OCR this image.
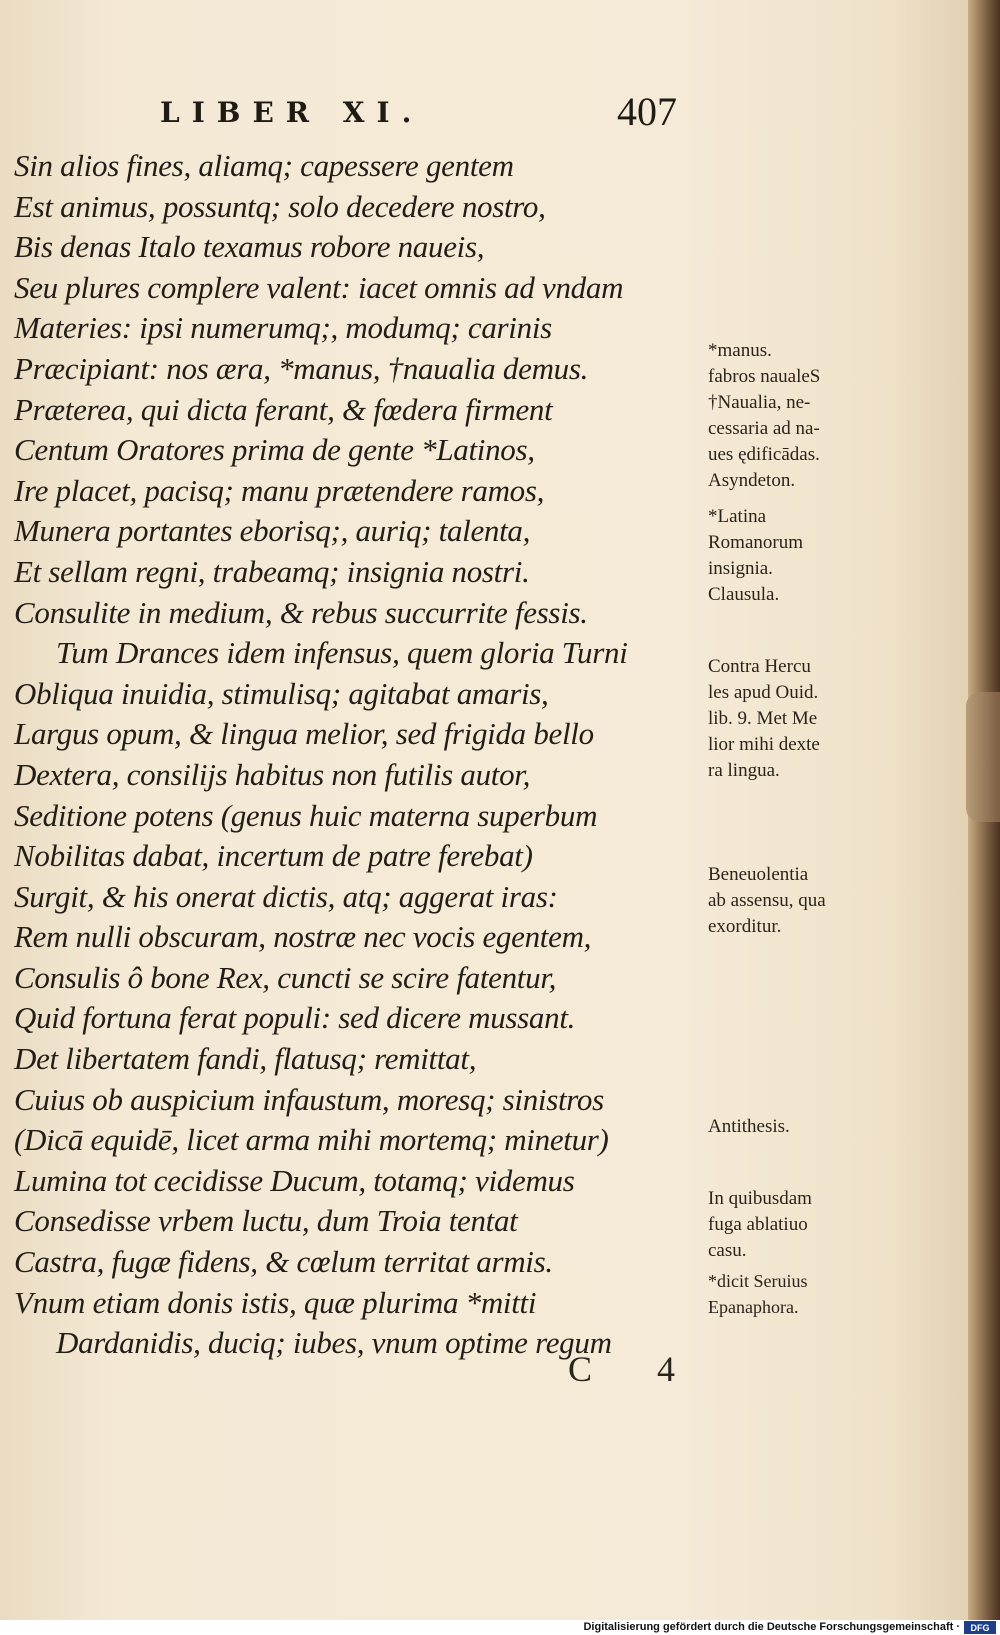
LIBER XI.	407
Sin alios fines, aliamq; capessere gentem
Est animus, possuntq; solo decedere nostro,
Bis denas Italo texamus robore naueis,
Seu plures complere valent: iacet omnis ad vndam
Materies: ipsi numerumq;, modumq; carinis
Præcipiant: nos æra, *manus, †naualia demus.
Præterea, qui dicta ferant, & fœdera firment
Centum Oratores prima de gente *Latinos,
Ire placet, pacisq; manu prætendere ramos,
Munera portantes eborisq;, auriq; talenta,
Et sellam regni, trabeamq; insignia nostri.
Consulite in medium, & rebus succurrite fessis.
Tum Drances idem infensus, quem gloria Turni
Obliqua inuidia, stimulisq; agitabat amaris,
Largus opum, & lingua melior, sed frigida bello
Dextera, consilijs habitus non futilis autor,
Seditione potens (genus huic materna superbum
Nobilitas dabat, incertum de patre ferebat)
Surgit, & his onerat dictis, atq; aggerat iras:
Rem nulli obscuram, nostræ nec vocis egentem,
Consulis ô bone Rex, cuncti se scire fatentur,
Quid fortuna ferat populi: sed dicere mussant.
Det libertatem fandi, flatusq; remittat,
Cuius ob auspicium infaustum, moresq; sinistros
(Dicā equidē, licet arma mihi mortemq; minetur)
Lumina tot cecidisse Ducum, totamq; videmus
Consedisse vrbem luctu, dum Troia tentat
Castra, fugæ fidens, & cœlum territat armis.
Vnum etiam donis istis, quæ plurima *mitti
Dardanidis, duciq; iubes, vnum optime regum
*manus.
fabros naualeS
†Naualia, ne-
cessaria ad na-
ues ędificādas.
Asyndeton.
*Latina
Romanorum
insignia.
Clausula.
Contra Hercu
les apud Ouid.
lib. 9. Met Me
lior mihi dexte
ra lingua.
Beneuolentia
ab assensu, qua
exorditur.
Antithesis.
In quibusdam
fuga ablatiuo
casu.
*dicit Seruius
Epanaphora.
C 4
Digitalisierung gefördert durch die Deutsche Forschungsgemeinschaft · DFG
